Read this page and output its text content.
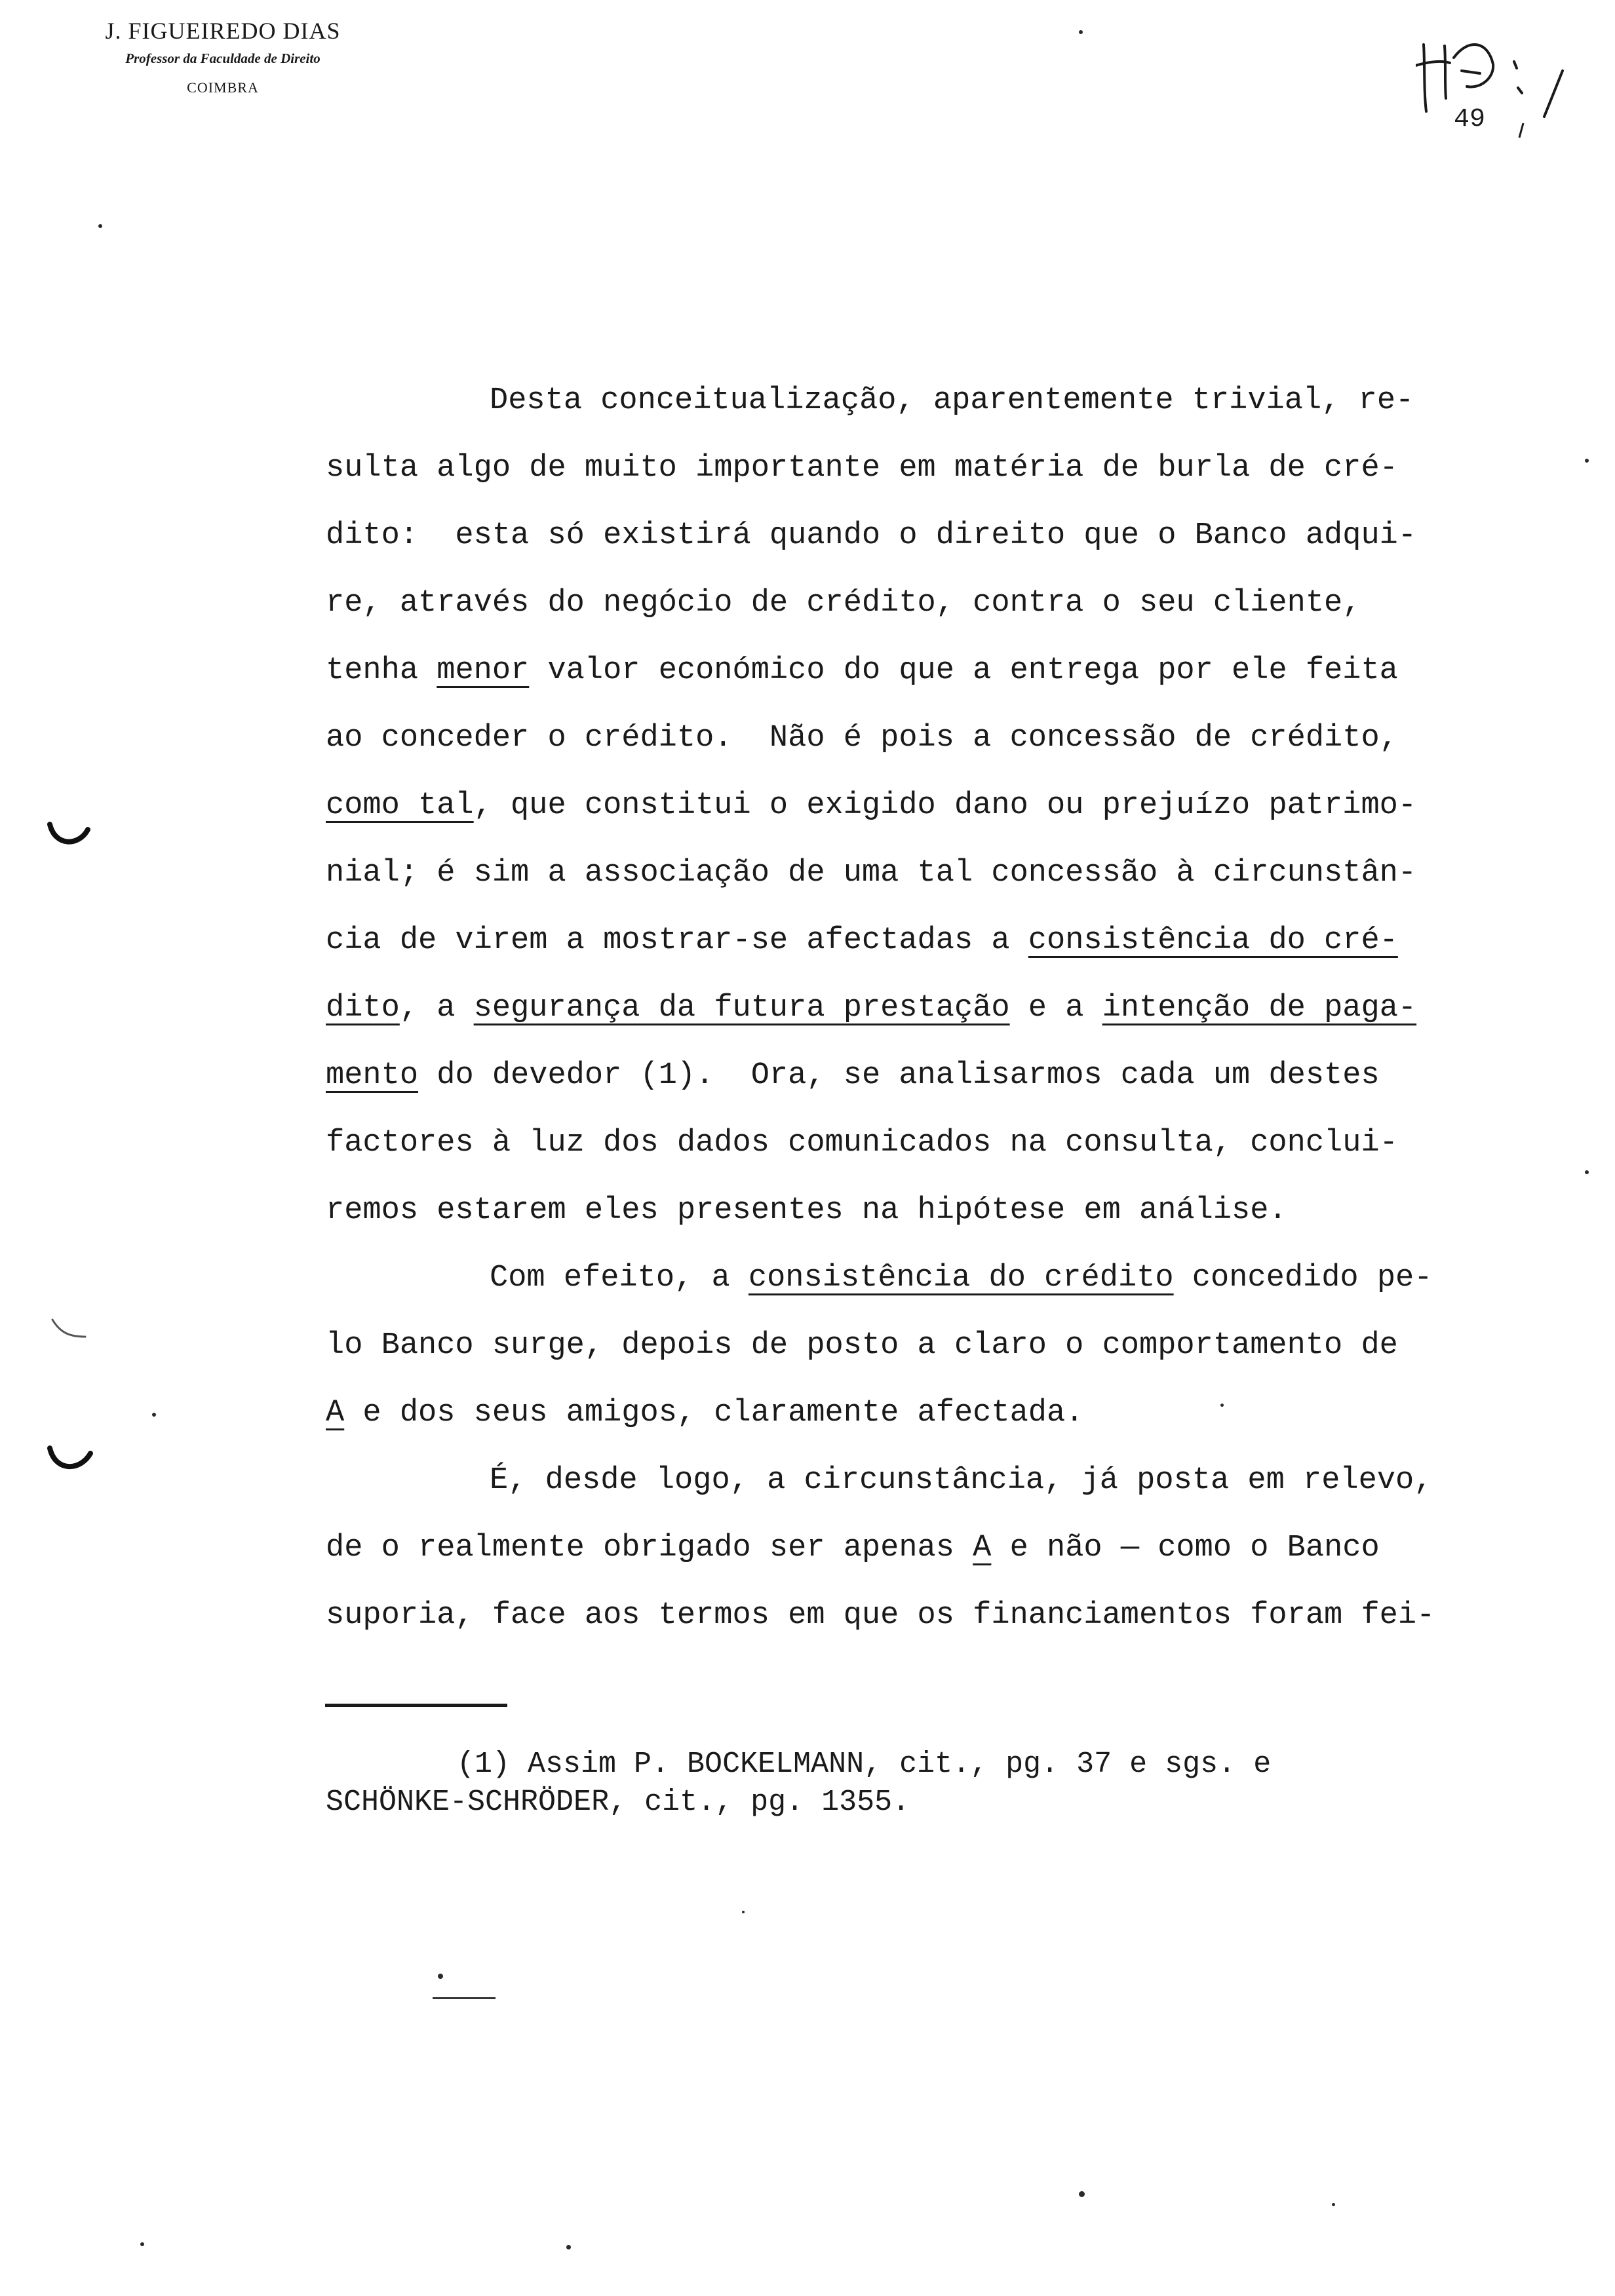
J. FIGUEIREDO DIAS
Professor da Faculdade de Direito
COIMBRA
49
Desta conceitualização, aparentemente trivial, re-
sulta algo de muito importante em matéria de burla de cré-
dito:  esta só existirá quando o direito que o Banco adqui-
re, através do negócio de crédito, contra o seu cliente,
tenha menor valor económico do que a entrega por ele feita
ao conceder o crédito.  Não é pois a concessão de crédito,
como tal, que constitui o exigido dano ou prejuízo patrimo-
nial; é sim a associação de uma tal concessão à circunstân-
cia de virem a mostrar-se afectadas a consistência do cré-
dito, a segurança da futura prestação e a intenção de paga-
mento do devedor (1).  Ora, se analisarmos cada um destes
factores à luz dos dados comunicados na consulta, conclui-
remos estarem eles presentes na hipótese em análise.
Com efeito, a consistência do crédito concedido pe-
lo Banco surge, depois de posto a claro o comportamento de
A e dos seus amigos, claramente afectada.
É, desde logo, a circunstância, já posta em relevo,
de o realmente obrigado ser apenas A e não — como o Banco
suporia, face aos termos em que os financiamentos foram fei-
(1) Assim P. BOCKELMANN, cit., pg. 37 e sgs. e
SCHÖNKE-SCHRÖDER, cit., pg. 1355.
